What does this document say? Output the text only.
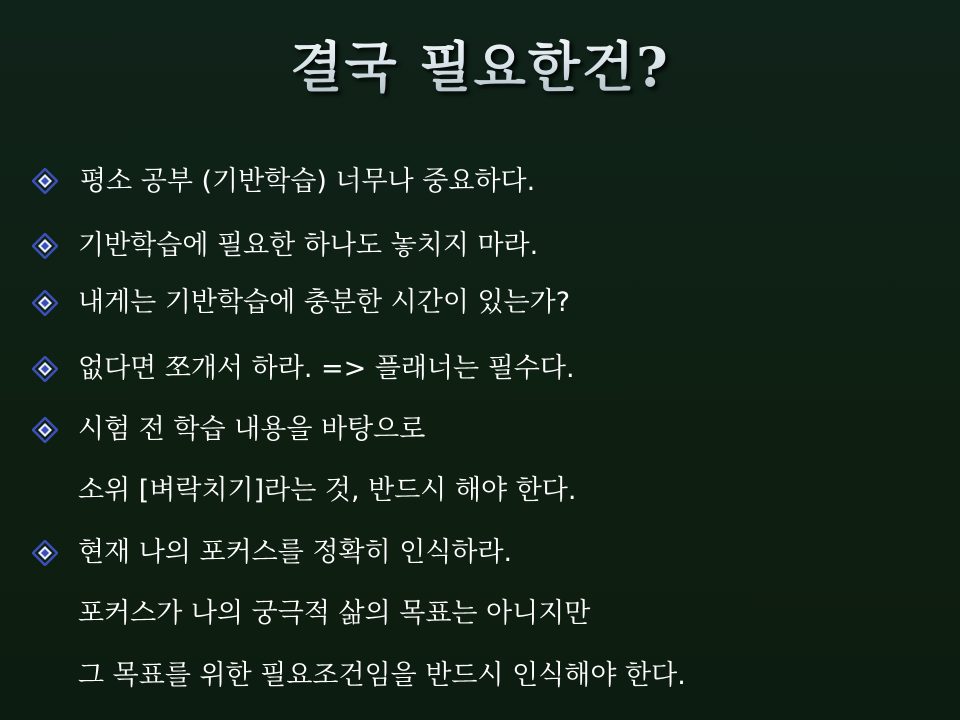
결국 필요한건?
평소 공부 (기반학습) 너무나 중요하다.
기반학습에 필요한 하나도 놓치지 마라.
내게는 기반학습에 충분한 시간이 있는가?
없다면 쪼개서 하라. => 플래너는 필수다.
시험 전 학습 내용을 바탕으로
소위 [벼락치기]라는 것, 반드시 해야 한다.
현재 나의 포커스를 정확히 인식하라.
포커스가 나의 궁극적 삶의 목표는 아니지만
그 목표를 위한 필요조건임을 반드시 인식해야 한다.
